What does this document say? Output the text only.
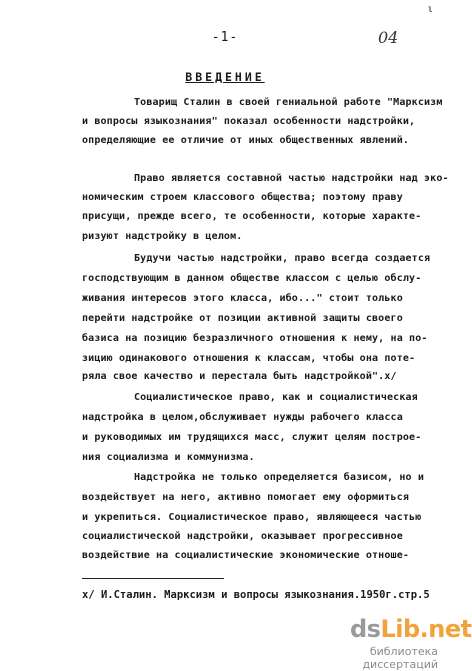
ι
-1-	04
ВВЕДЕНИЕ
Товарищ Сталин в своей гениальной работе "Марксизм
и вопросы языкознания" показал особенности надстройки,
определяющие ее отличие от иных общественных явлений.
Право является составной частью надстройки над эко-
номическим строем классового общества; поэтому праву
присущи, прежде всего, те особенности, которые характе-
ризуют надстройку в целом.
Будучи частью надстройки, право всегда создается
господствующим в данном обществе классом с целью обслу-
живания интересов этого класса, ибо..." стоит только
перейти надстройке от позиции активной защиты своего
базиса на позицию безразличного отношения к нему, на по-
зицию одинакового отношения к классам, чтобы она поте-
ряла свое качество и перестала быть надстройкой".х/
Социалистическое право, как и социалистическая
надстройка в целом,обслуживает нужды рабочего класса
и руководимых им трудящихся масс, служит целям построе-
ния социализма и коммунизма.
Надстройка не только определяется базисом, но и
воздействует на него, активно помогает ему оформиться
и укрепиться. Социалистическое право, являющееся частью
социалистической надстройки, оказывает прогрессивное
воздействие на социалистические экономические отноше-
х/ И.Сталин. Марксизм и вопросы языкознания.1950г.стр.5
dsLib.net
библиотека диссертаций
